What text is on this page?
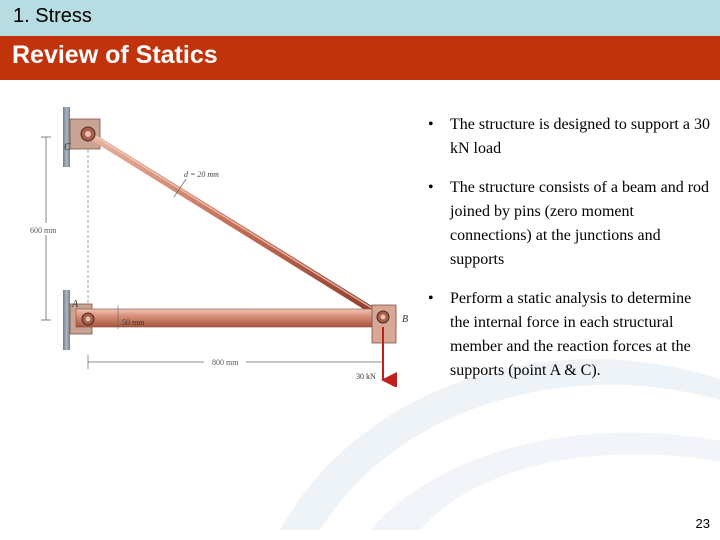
1. Stress
Review of Statics
600 mm
C
A
B
d = 20 mm
50 mm
800 mm
30 kN
• The structure is designed to support a 30 kN load
• The structure consists of a beam and rod joined by pins (zero moment connections) at the junctions and supports
• Perform a static analysis to determine the internal force in each structural member and the reaction forces at the supports (point A & C).
23
